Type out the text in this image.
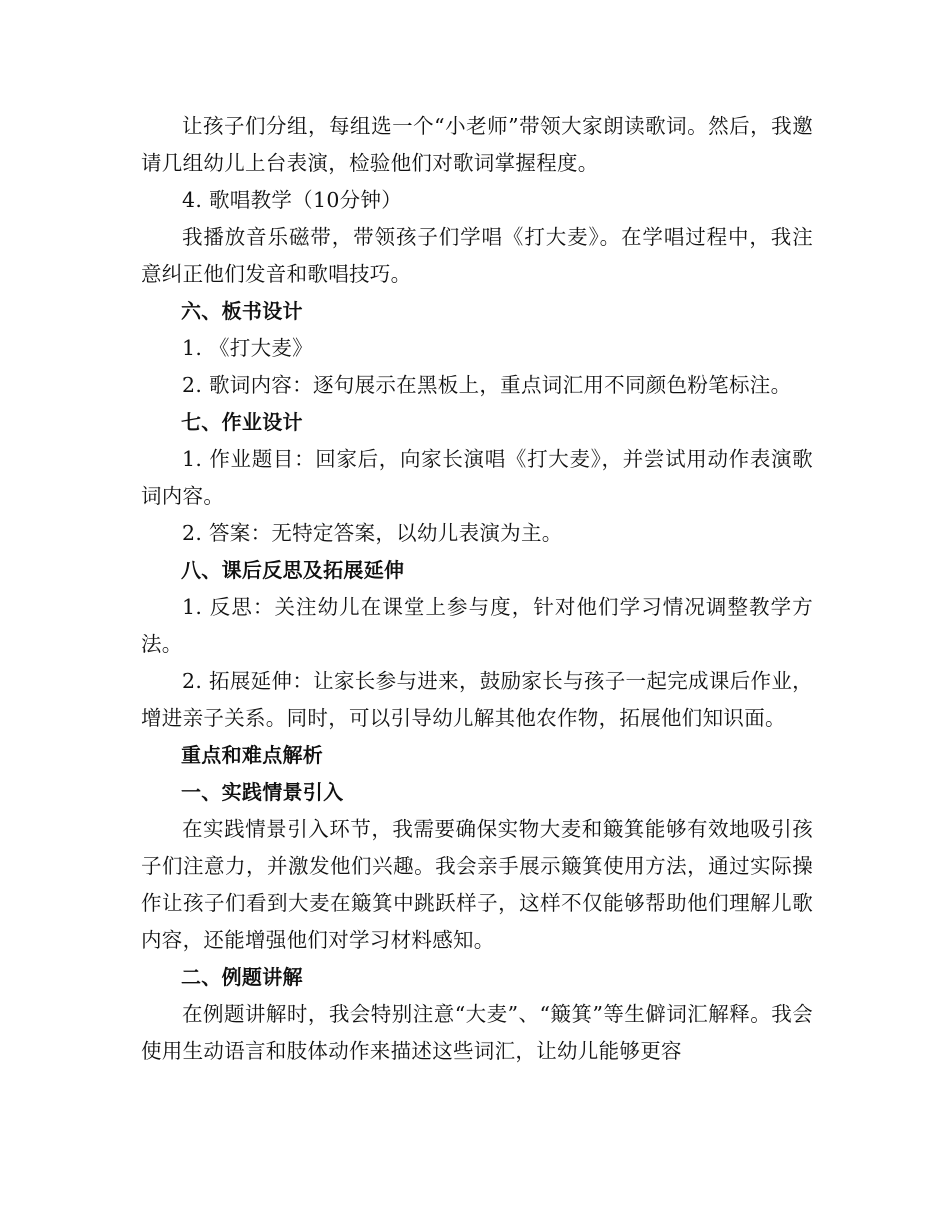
让孩子们分组，每组选一个“小老师”带领大家朗读歌词。然后，我邀请几组幼儿上台表演，检验他们对歌词掌握程度。

4. 歌唱教学（10分钟）

我播放音乐磁带，带领孩子们学唱《打大麦》。在学唱过程中，我注意纠正他们发音和歌唱技巧。

六、板书设计

1. 《打大麦》

2. 歌词内容：逐句展示在黑板上，重点词汇用不同颜色粉笔标注。

七、作业设计

1. 作业题目：回家后，向家长演唱《打大麦》，并尝试用动作表演歌词内容。

2. 答案：无特定答案，以幼儿表演为主。

八、课后反思及拓展延伸

1. 反思：关注幼儿在课堂上参与度，针对他们学习情况调整教学方法。

2. 拓展延伸：让家长参与进来，鼓励家长与孩子一起完成课后作业，增进亲子关系。同时，可以引导幼儿解其他农作物，拓展他们知识面。

重点和难点解析

一、实践情景引入

在实践情景引入环节，我需要确保实物大麦和簸箕能够有效地吸引孩子们注意力，并激发他们兴趣。我会亲手展示簸箕使用方法，通过实际操作让孩子们看到大麦在簸箕中跳跃样子，这样不仅能够帮助他们理解儿歌内容，还能增强他们对学习材料感知。

二、例题讲解

在例题讲解时，我会特别注意“大麦”、“簸箕”等生僻词汇解释。我会使用生动语言和肢体动作来描述这些词汇，让幼儿能够更容
